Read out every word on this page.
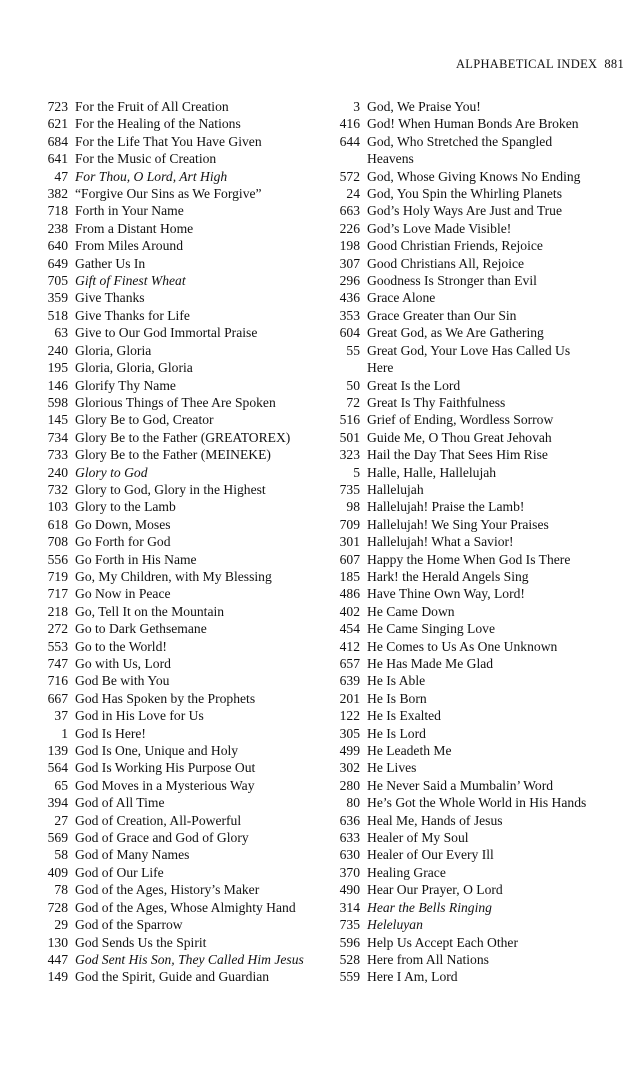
ALPHABETICAL INDEX 881
723 For the Fruit of All Creation
621 For the Healing of the Nations
684 For the Life That You Have Given
641 For the Music of Creation
47 For Thou, O Lord, Art High
382 “Forgive Our Sins as We Forgive”
718 Forth in Your Name
238 From a Distant Home
640 From Miles Around
649 Gather Us In
705 Gift of Finest Wheat
359 Give Thanks
518 Give Thanks for Life
63 Give to Our God Immortal Praise
240 Gloria, Gloria
195 Gloria, Gloria, Gloria
146 Glorify Thy Name
598 Glorious Things of Thee Are Spoken
145 Glory Be to God, Creator
734 Glory Be to the Father (GREATOREX)
733 Glory Be to the Father (MEINEKE)
240 Glory to God
732 Glory to God, Glory in the Highest
103 Glory to the Lamb
618 Go Down, Moses
708 Go Forth for God
556 Go Forth in His Name
719 Go, My Children, with My Blessing
717 Go Now in Peace
218 Go, Tell It on the Mountain
272 Go to Dark Gethsemane
553 Go to the World!
747 Go with Us, Lord
716 God Be with You
667 God Has Spoken by the Prophets
37 God in His Love for Us
1 God Is Here!
139 God Is One, Unique and Holy
564 God Is Working His Purpose Out
65 God Moves in a Mysterious Way
394 God of All Time
27 God of Creation, All-Powerful
569 God of Grace and God of Glory
58 God of Many Names
409 God of Our Life
78 God of the Ages, History’s Maker
728 God of the Ages, Whose Almighty Hand
29 God of the Sparrow
130 God Sends Us the Spirit
447 God Sent His Son, They Called Him Jesus
149 God the Spirit, Guide and Guardian
3 God, We Praise You!
416 God! When Human Bonds Are Broken
644 God, Who Stretched the Spangled Heavens
572 God, Whose Giving Knows No Ending
24 God, You Spin the Whirling Planets
663 God’s Holy Ways Are Just and True
226 God’s Love Made Visible!
198 Good Christian Friends, Rejoice
307 Good Christians All, Rejoice
296 Goodness Is Stronger than Evil
436 Grace Alone
353 Grace Greater than Our Sin
604 Great God, as We Are Gathering
55 Great God, Your Love Has Called Us Here
50 Great Is the Lord
72 Great Is Thy Faithfulness
516 Grief of Ending, Wordless Sorrow
501 Guide Me, O Thou Great Jehovah
323 Hail the Day That Sees Him Rise
5 Halle, Halle, Hallelujah
735 Hallelujah
98 Hallelujah! Praise the Lamb!
709 Hallelujah! We Sing Your Praises
301 Hallelujah! What a Savior!
607 Happy the Home When God Is There
185 Hark! the Herald Angels Sing
486 Have Thine Own Way, Lord!
402 He Came Down
454 He Came Singing Love
412 He Comes to Us As One Unknown
657 He Has Made Me Glad
639 He Is Able
201 He Is Born
122 He Is Exalted
305 He Is Lord
499 He Leadeth Me
302 He Lives
280 He Never Said a Mumbalin’ Word
80 He’s Got the Whole World in His Hands
636 Heal Me, Hands of Jesus
633 Healer of My Soul
630 Healer of Our Every Ill
370 Healing Grace
490 Hear Our Prayer, O Lord
314 Hear the Bells Ringing
735 Heleluyan
596 Help Us Accept Each Other
528 Here from All Nations
559 Here I Am, Lord
